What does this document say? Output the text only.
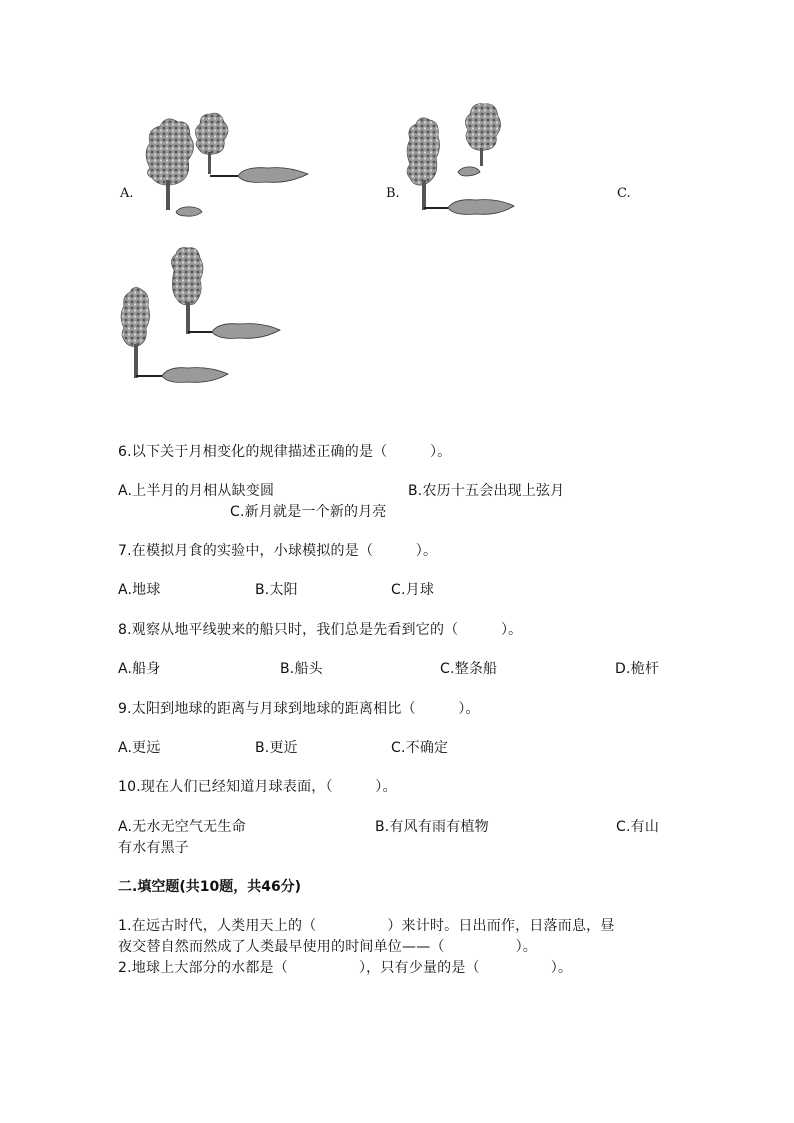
A.	B.	C.
6.以下关于月相变化的规律描述正确的是（　　　）。
A.上半月的月相从缺变圆	B.农历十五会出现上弦月
C.新月就是一个新的月亮
7.在模拟月食的实验中，小球模拟的是（　　　）。
A.地球	B.太阳	C.月球
8.观察从地平线驶来的船只时，我们总是先看到它的（　　　）。
A.船身	B.船头	C.整条船	D.桅杆
9.太阳到地球的距离与月球到地球的距离相比（　　　）。
A.更远	B.更近	C.不确定
10.现在人们已经知道月球表面，（　　　）。
A.无水无空气无生命	B.有风有雨有植物	C.有山
有水有黑子
二.填空题(共10题，共46分)
1.在远古时代，人类用天上的（　　　　　）来计时。日出而作，日落而息，昼
夜交替自然而然成了人类最早使用的时间单位——（　　　　　）。
2.地球上大部分的水都是（　　　　　），只有少量的是（　　　　　）。
